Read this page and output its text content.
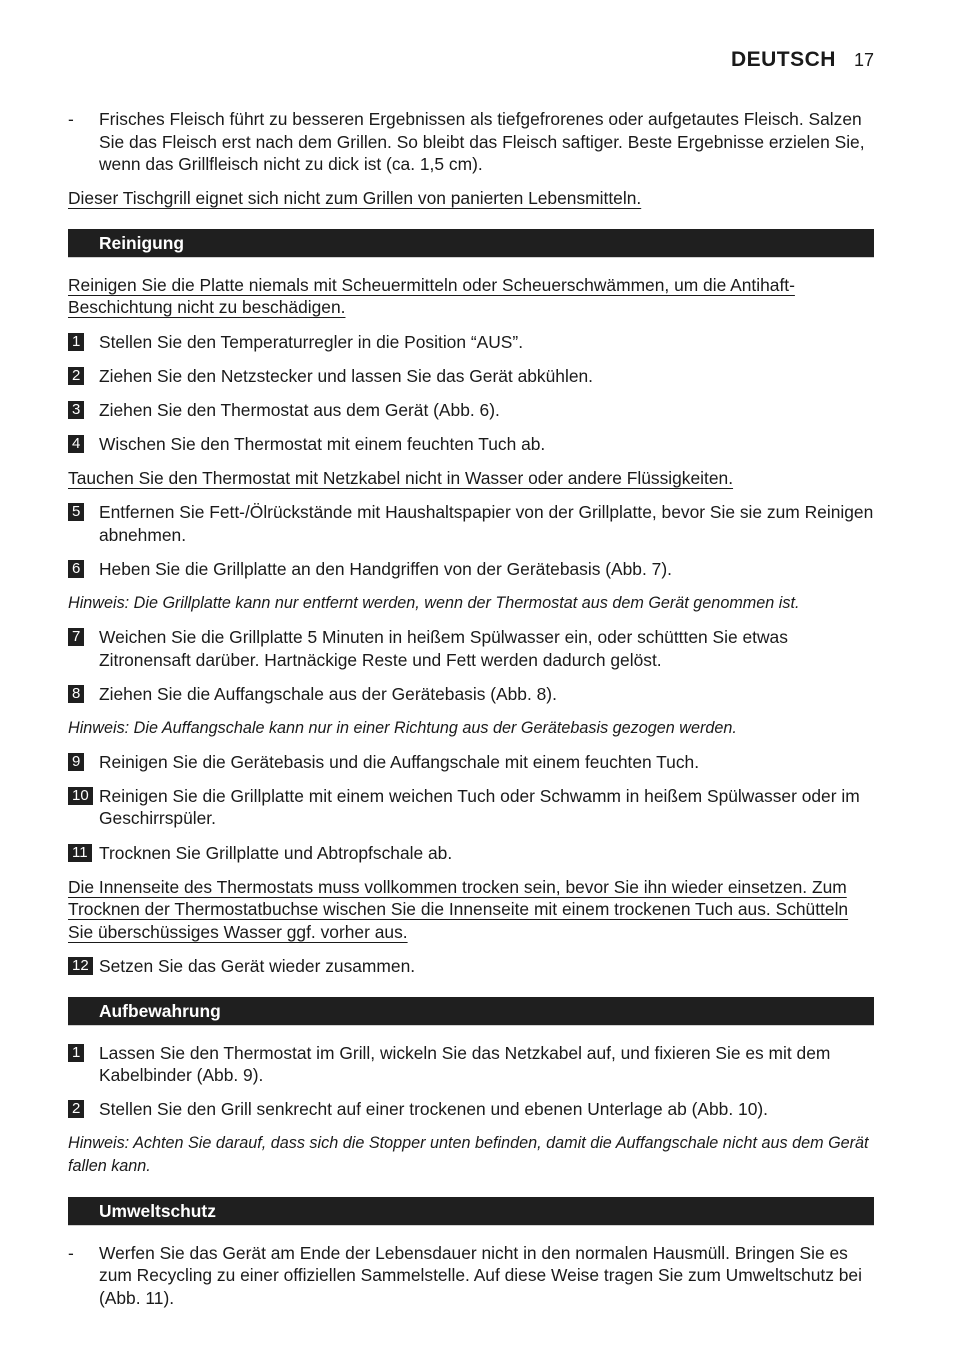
DEUTSCH 17
- Frisches Fleisch führt zu besseren Ergebnissen als tiefgefrorenes oder aufgetautes Fleisch. Salzen Sie das Fleisch erst nach dem Grillen. So bleibt das Fleisch saftiger. Beste Ergebnisse erzielen Sie, wenn das Grillfleisch nicht zu dick ist (ca. 1,5 cm).

Dieser Tischgrill eignet sich nicht zum Grillen von panierten Lebensmitteln.

Reinigung

Reinigen Sie die Platte niemals mit Scheuermitteln oder Scheuerschwämmen, um die Antihaft-Beschichtung nicht zu beschädigen.

1 Stellen Sie den Temperaturregler in die Position “AUS”.
2 Ziehen Sie den Netzstecker und lassen Sie das Gerät abkühlen.
3 Ziehen Sie den Thermostat aus dem Gerät (Abb. 6).
4 Wischen Sie den Thermostat mit einem feuchten Tuch ab.

Tauchen Sie den Thermostat mit Netzkabel nicht in Wasser oder andere Flüssigkeiten.

5 Entfernen Sie Fett-/Ölrückstände mit Haushaltspapier von der Grillplatte, bevor Sie sie zum Reinigen abnehmen.
6 Heben Sie die Grillplatte an den Handgriffen von der Gerätebasis (Abb. 7).

Hinweis: Die Grillplatte kann nur entfernt werden, wenn der Thermostat aus dem Gerät genommen ist.

7 Weichen Sie die Grillplatte 5 Minuten in heißem Spülwasser ein, oder schüttten Sie etwas Zitronensaft darüber. Hartnäckige Reste und Fett werden dadurch gelöst.
8 Ziehen Sie die Auffangschale aus der Gerätebasis (Abb. 8).

Hinweis: Die Auffangschale kann nur in einer Richtung aus der Gerätebasis gezogen werden.

9 Reinigen Sie die Gerätebasis und die Auffangschale mit einem feuchten Tuch.
10 Reinigen Sie die Grillplatte mit einem weichen Tuch oder Schwamm in heißem Spülwasser oder im Geschirrspüler.
11 Trocknen Sie Grillplatte und Abtropfschale ab.

Die Innenseite des Thermostats muss vollkommen trocken sein, bevor Sie ihn wieder einsetzen. Zum Trocknen der Thermostatbuchse wischen Sie die Innenseite mit einem trockenen Tuch aus. Schütteln Sie überschüssiges Wasser ggf. vorher aus.

12 Setzen Sie das Gerät wieder zusammen.
Aufbewahrung
1 Lassen Sie den Thermostat im Grill, wickeln Sie das Netzkabel auf, und fixieren Sie es mit dem Kabelbinder (Abb. 9).
2 Stellen Sie den Grill senkrecht auf einer trockenen und ebenen Unterlage ab (Abb. 10).

Hinweis: Achten Sie darauf, dass sich die Stopper unten befinden, damit die Auffangschale nicht aus dem Gerät fallen kann.

Umweltschutz
- Werfen Sie das Gerät am Ende der Lebensdauer nicht in den normalen Hausmüll. Bringen Sie es zum Recycling zu einer offiziellen Sammelstelle. Auf diese Weise tragen Sie zum Umweltschutz bei (Abb. 11).
